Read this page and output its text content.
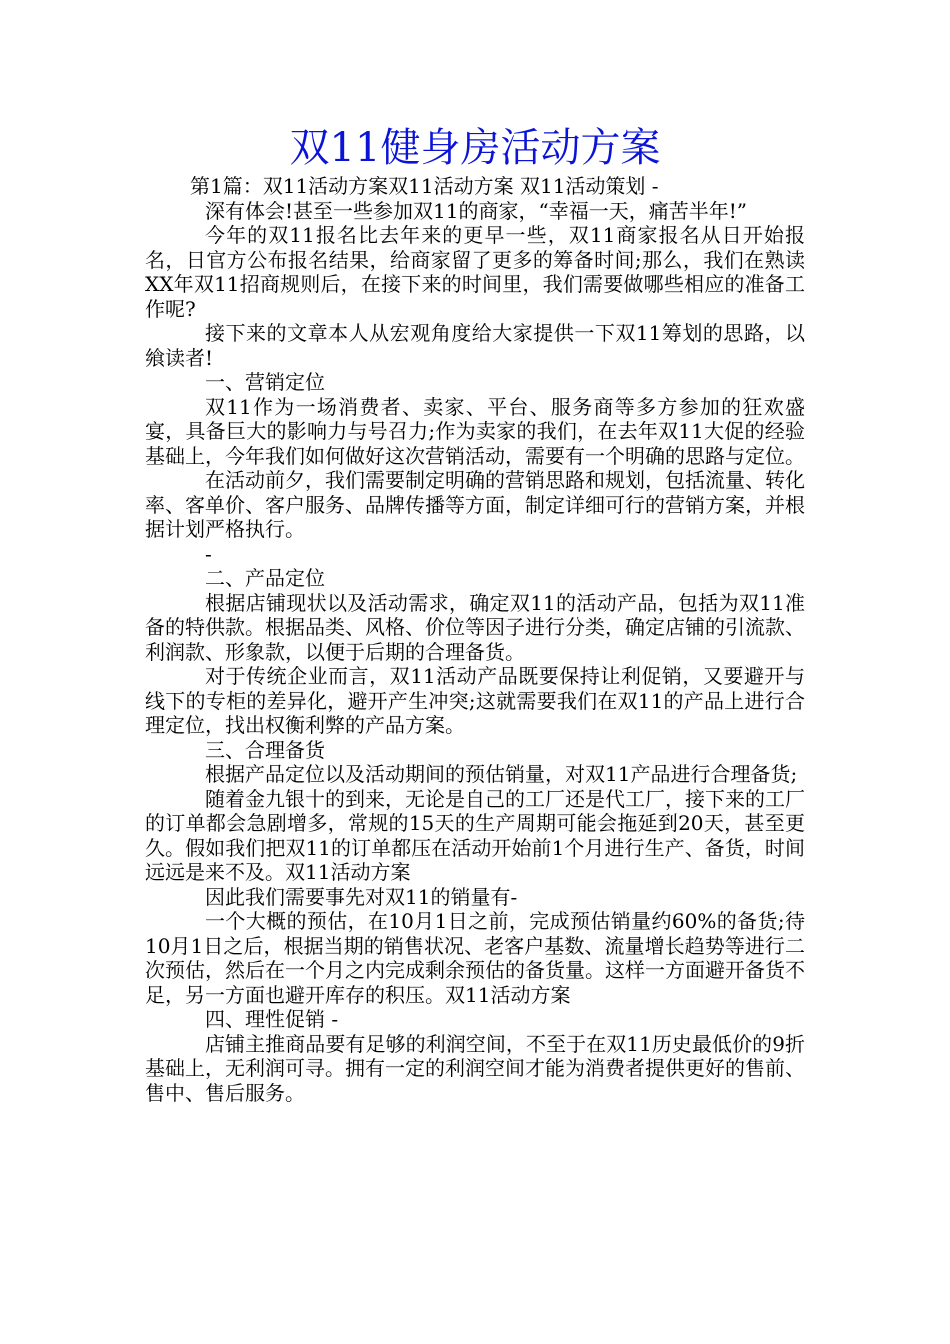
双11健身房活动方案

第1篇：双11活动方案双11活动方案 双11活动策划 -

深有体会!甚至一些参加双11的商家，“幸福一天，痛苦半年!”

今年的双11报名比去年来的更早一些，双11商家报名从日开始报名，日官方公布报名结果，给商家留了更多的筹备时间;那么，我们在熟读XX年双11招商规则后，在接下来的时间里，我们需要做哪些相应的准备工作呢?

接下来的文章本人从宏观角度给大家提供一下双11筹划的思路，以飨读者!

一、营销定位

双11作为一场消费者、卖家、平台、服务商等多方参加的狂欢盛宴，具备巨大的影响力与号召力;作为卖家的我们，在去年双11大促的经验基础上，今年我们如何做好这次营销活动，需要有一个明确的思路与定位。

在活动前夕，我们需要制定明确的营销思路和规划，包括流量、转化率、客单价、客户服务、品牌传播等方面，制定详细可行的营销方案，并根据计划严格执行。

-

二、产品定位

根据店铺现状以及活动需求，确定双11的活动产品，包括为双11准备的特供款。根据品类、风格、价位等因子进行分类，确定店铺的引流款、利润款、形象款，以便于后期的合理备货。

对于传统企业而言，双11活动产品既要保持让利促销，又要避开与线下的专柜的差异化，避开产生冲突;这就需要我们在双11的产品上进行合理定位，找出权衡利弊的产品方案。

三、合理备货

根据产品定位以及活动期间的预估销量，对双11产品进行合理备货;

随着金九银十的到来，无论是自己的工厂还是代工厂，接下来的工厂的订单都会急剧增多，常规的15天的生产周期可能会拖延到20天，甚至更久。假如我们把双11的订单都压在活动开始前1个月进行生产、备货，时间远远是来不及。双11活动方案

因此我们需要事先对双11的销量有-

一个大概的预估，在10月1日之前，完成预估销量约60%的备货;待10月1日之后，根据当期的销售状况、老客户基数、流量增长趋势等进行二次预估，然后在一个月之内完成剩余预估的备货量。这样一方面避开备货不足，另一方面也避开库存的积压。双11活动方案

四、理性促销 -

店铺主推商品要有足够的利润空间，不至于在双11历史最低价的9折基础上，无利润可寻。拥有一定的利润空间才能为消费者提供更好的售前、售中、售后服务。
